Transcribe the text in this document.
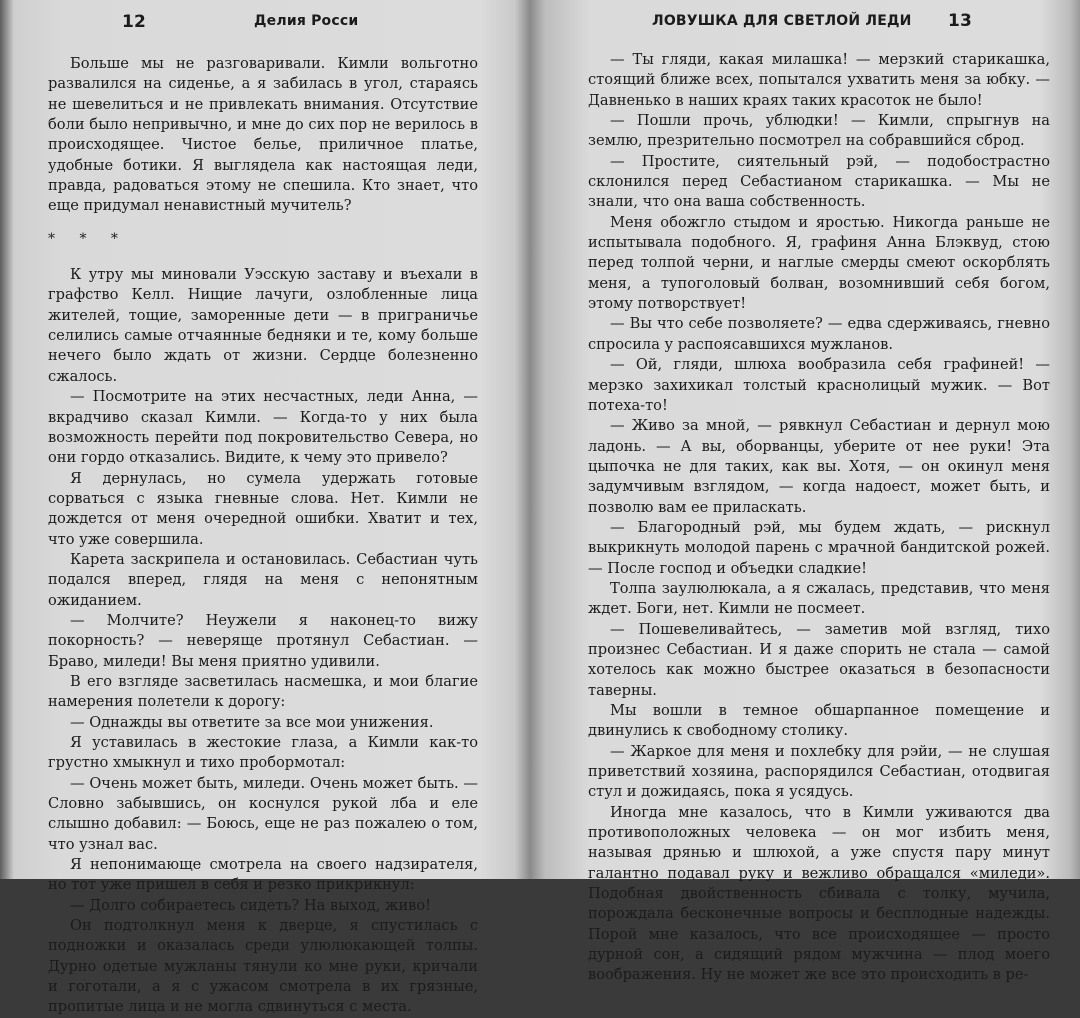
12	Делия Росси

Больше мы не разговаривали. Кимли вольготно развалился на сиденье, а я забилась в угол, стараясь не шевелиться и не привлекать внимания. Отсутствие боли было непривычно, и мне до сих пор не верилось в происходящее. Чистое белье, приличное платье, удобные ботики. Я выглядела как настоящая леди, правда, радоваться этому не спешила. Кто знает, что еще придумал ненавистный мучитель?

* * *

К утру мы миновали Уэсскую заставу и въехали в графство Келл. Нищие лачуги, озлобленные лица жителей, тощие, заморенные дети — в приграничье селились самые отчаянные бедняки и те, кому больше нечего было ждать от жизни. Сердце болезненно сжалось.

— Посмотрите на этих несчастных, леди Анна, — вкрадчиво сказал Кимли. — Когда-то у них была возможность перейти под покровительство Севера, но они гордо отказались. Видите, к чему это привело?

Я дернулась, но сумела удержать готовые сорваться с языка гневные слова. Нет. Кимли не дождется от меня очередной ошибки. Хватит и тех, что уже совершила.

Карета заскрипела и остановилась. Себастиан чуть подался вперед, глядя на меня с непонятным ожиданием.

— Молчите? Неужели я наконец-то вижу покорность? — неверяще протянул Себастиан. — Браво, миледи! Вы меня приятно удивили.

В его взгляде засветилась насмешка, и мои благие намерения полетели к дорогу:

— Однажды вы ответите за все мои унижения.

Я уставилась в жестокие глаза, а Кимли как-то грустно хмыкнул и тихо пробормотал:

— Очень может быть, миледи. Очень может быть. — Словно забывшись, он коснулся рукой лба и еле слышно добавил: — Боюсь, еще не раз пожалею о том, что узнал вас.

Я непонимающе смотрела на своего надзирателя, но тот уже пришел в себя и резко прикрикнул:

— Долго собираетесь сидеть? На выход, живо!

Он подтолкнул меня к дверце, я спустилась с подножки и оказалась среди улюлюкающей толпы. Дурно одетые мужланы тянули ко мне руки, кричали и гоготали, а я с ужасом смотрела в их грязные, пропитые лица и не могла сдвинуться с места.

ЛОВУШКА ДЛЯ СВЕТЛОЙ ЛЕДИ 13

— Ты гляди, какая милашка! — мерзкий старикашка, стоящий ближе всех, попытался ухватить меня за юбку. — Давненько в наших краях таких красоток не было!

— Пошли прочь, ублюдки! — Кимли, спрыгнув на землю, презрительно посмотрел на собравшийся сброд.

— Простите, сиятельный рэй, — подобострастно склонился перед Себастианом старикашка. — Мы не знали, что она ваша собственность.

Меня обожгло стыдом и яростью. Никогда раньше не испытывала подобного. Я, графиня Анна Блэквуд, стою перед толпой черни, и наглые смерды смеют оскорблять меня, а тупоголовый болван, возомнивший себя богом, этому потворствует!

— Вы что себе позволяете? — едва сдерживаясь, гневно спросила у распоясавшихся мужланов.

— Ой, гляди, шлюха вообразила себя графиней! — мерзко захихикал толстый краснолицый мужик. — Вот потеха-то!

— Живо за мной, — рявкнул Себастиан и дернул мою ладонь. — А вы, оборванцы, уберите от нее руки! Эта цыпочка не для таких, как вы. Хотя, — он окинул меня задумчивым взглядом, — когда надоест, может быть, и позволю вам ее приласкать.

— Благородный рэй, мы будем ждать, — рискнул выкрикнуть молодой парень с мрачной бандитской рожей. — После господ и объедки сладкие!

Толпа заулюлюкала, а я сжалась, представив, что меня ждет. Боги, нет. Кимли не посмеет.

— Пошевеливайтесь, — заметив мой взгляд, тихо произнес Себастиан. И я даже спорить не стала — самой хотелось как можно быстрее оказаться в безопасности таверны.

Мы вошли в темное обшарпанное помещение и двинулись к свободному столику.

— Жаркое для меня и похлебку для рэйи, — не слушая приветствий хозяина, распорядился Себастиан, отодвигая стул и дожидаясь, пока я усядусь.

Иногда мне казалось, что в Кимли уживаются два противоположных человека — он мог избить меня, называя дрянью и шлюхой, а уже спустя пару минут галантно подавал руку и вежливо обращался «миледи». Подобная двойственность сбивала с толку, мучила, порождала бесконечные вопросы и бесплодные надежды. Порой мне казалось, что все происходящее — просто дурной сон, а сидящий рядом мужчина — плод моего воображения. Ну не может же все это происходить в ре-
